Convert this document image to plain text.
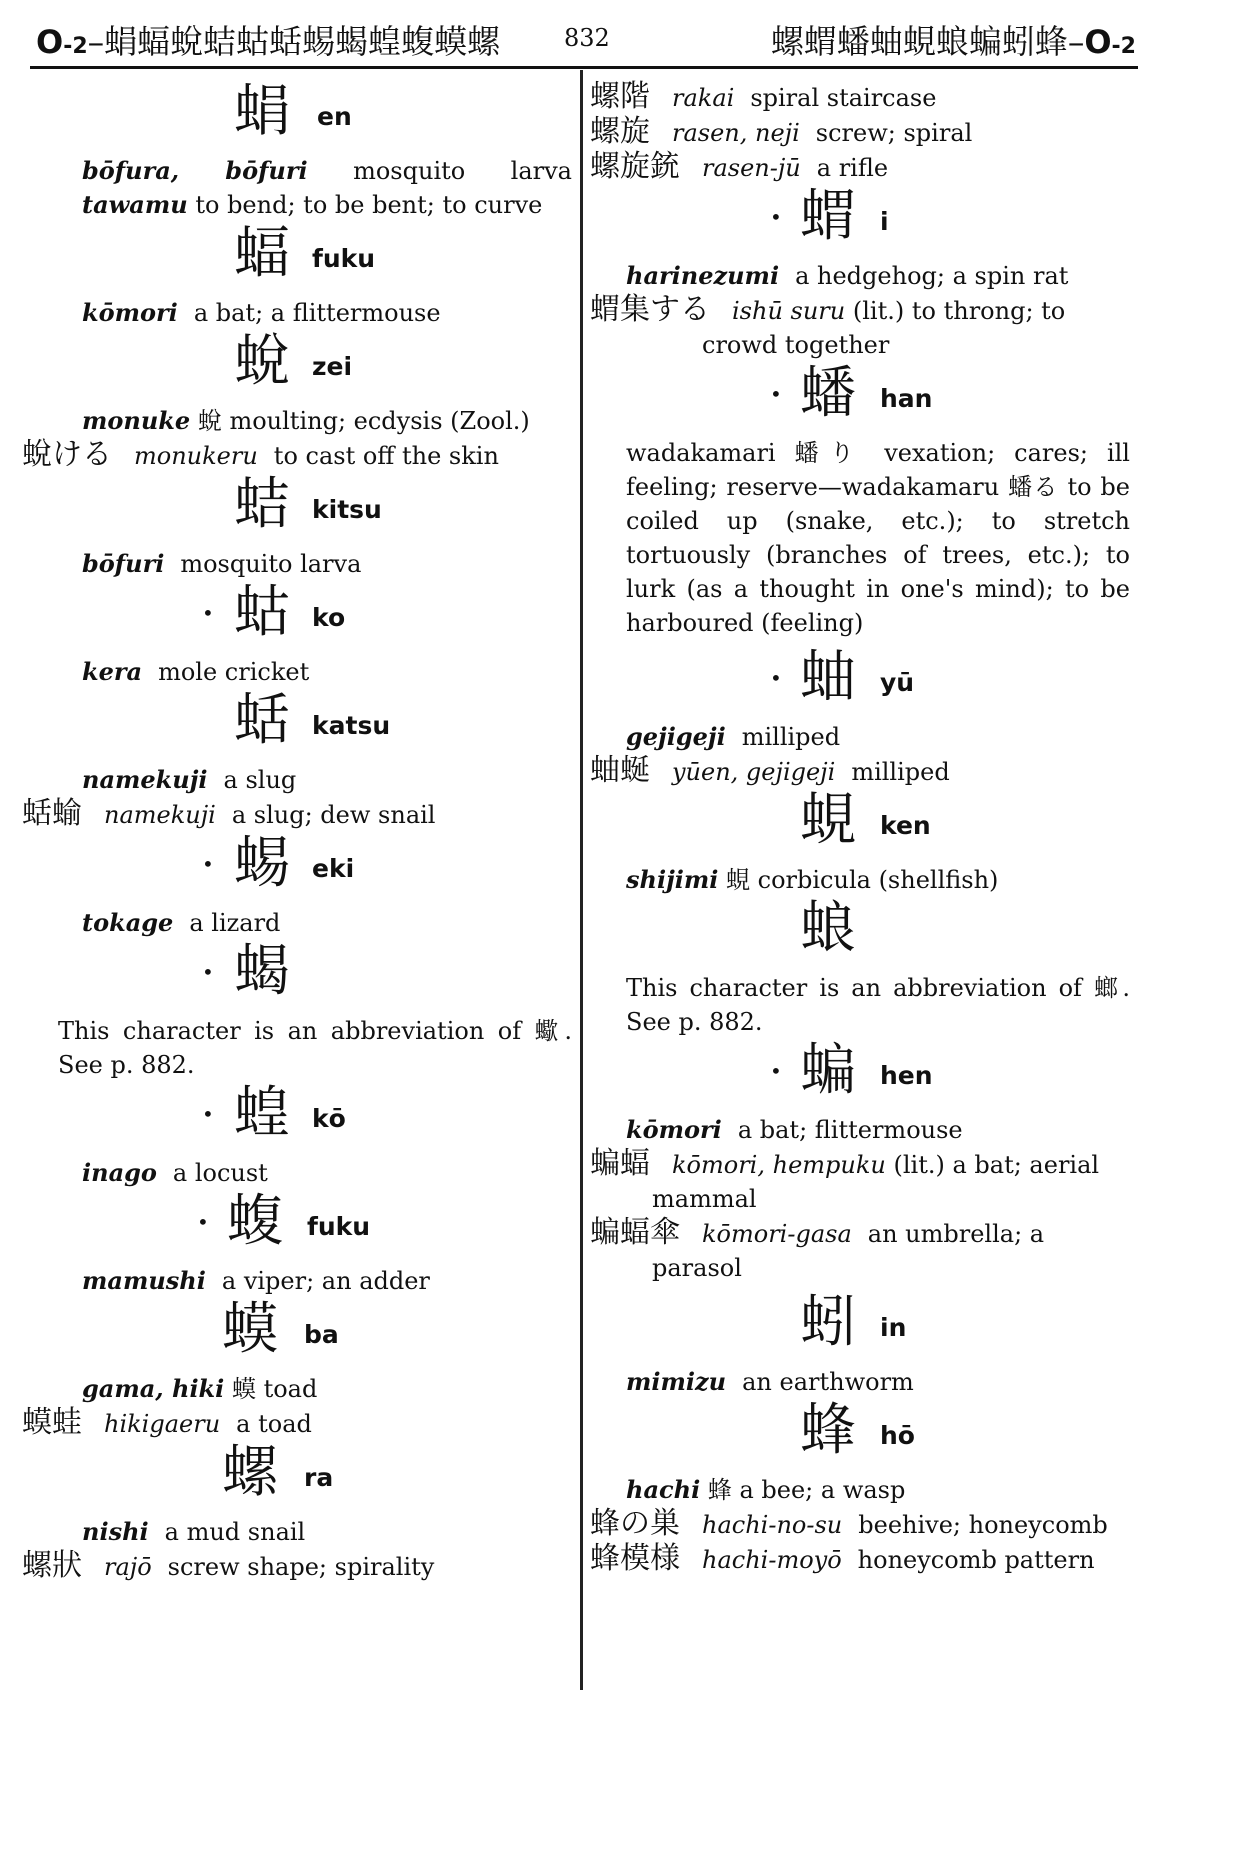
O-2–蜎蝠蛻蛣蛄蛞蜴蝎蝗蝮蟆螺	832	螺蝟蟠蚰蜆蜋蝙蚓蜂–O-2
蜎 en
bōfura, bōfuri mosquito larva
tawamu to bend; to be bent; to curve
蝠 fuku
kōmori a bat; a flittermouse
蛻 zei
monuke 蛻 moulting; ecdysis (Zool.)
蛻ける monukeru to cast off the skin
蛣 kitsu
bōfuri mosquito larva
• 蛄 ko
kera mole cricket
蛞 katsu
namekuji a slug
蛞蝓 namekuji a slug; dew snail
• 蜴 eki
tokage a lizard
• 蝎
This character is an abbreviation of 蠍. See p. 882.
• 蝗 kō
inago a locust
• 蝮 fuku
mamushi a viper; an adder
蟆 ba
gama, hiki 蟆 toad
蟆蛙 hikigaeru a toad
螺 ra
nishi a mud snail
螺狀 rajō screw shape; spirality
螺階 rakai spiral staircase
螺旋 rasen, neji screw; spiral
螺旋銃 rasen-jū a rifle
• 蝟 i
harinezumi a hedgehog; a spin rat
蝟集する ishū suru (lit.) to throng; to crowd together
• 蟠 han
wadakamari 蟠り vexation; cares; ill feeling; reserve—wadakamaru 蟠る to be coiled up (snake, etc.); to stretch tortuously (branches of trees, etc.); to lurk (as a thought in one's mind); to be harboured (feeling)
• 蚰 yū
gejigeji milliped
蚰蜒 yūen, gejigeji milliped
蜆 ken
shijimi 蜆 corbicula (shellfish)
蜋
This character is an abbreviation of 螂. See p. 882.
• 蝙 hen
kōmori a bat; flittermouse
蝙蝠 kōmori, hempuku (lit.) a bat; aerial mammal
蝙蝠傘 kōmori-gasa an umbrella; a parasol
蚓 in
mimizu an earthworm
蜂 hō
hachi 蜂 a bee; a wasp
蜂の巣 hachi-no-su beehive; honeycomb
蜂模様 hachi-moyō honeycomb pattern
